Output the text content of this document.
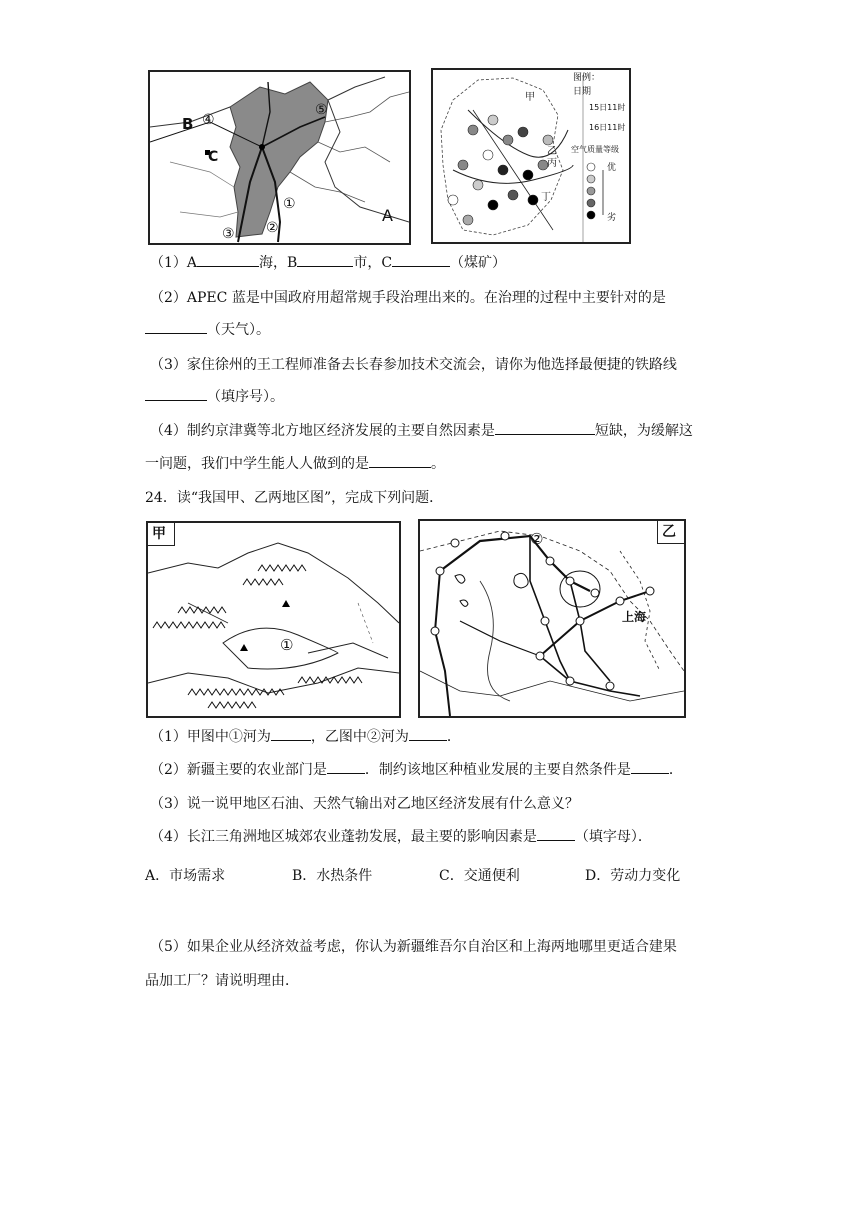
B ④
C
⑤
①
②
③
A
图例：
日期
15日11时
16日11时
空气质量等级
优
劣
甲
乙
丙
丁
（1）A	海，B	市，C	（煤矿）
（2）APEC 蓝是中国政府用超常规手段治理出来的。在治理的过程中主要针对的是
（天气）。
（3）家住徐州的王工程师准备去长春参加技术交流会，请你为他选择最便捷的铁路线
（填序号）。
（4）制约京津冀等北方地区经济发展的主要自然因素是	短缺，为缓解这
一问题，我们中学生能人人做到的是	。
24．读“我国甲、乙两地区图”，完成下列问题．
甲
①
乙
②
上海
（1）甲图中①河为	，乙图中②河为	．
（2）新疆主要的农业部门是	．制约该地区种植业发展的主要自然条件是	．
（3）说一说甲地区石油、天然气输出对乙地区经济发展有什么意义？
（4）长江三角洲地区城郊农业蓬勃发展，最主要的影响因素是	（填字母）．
A．市场需求	B．水热条件	C．交通便利	D．劳动力变化
（5）如果企业从经济效益考虑，你认为新疆维吾尔自治区和上海两地哪里更适合建果
品加工厂？请说明理由．
